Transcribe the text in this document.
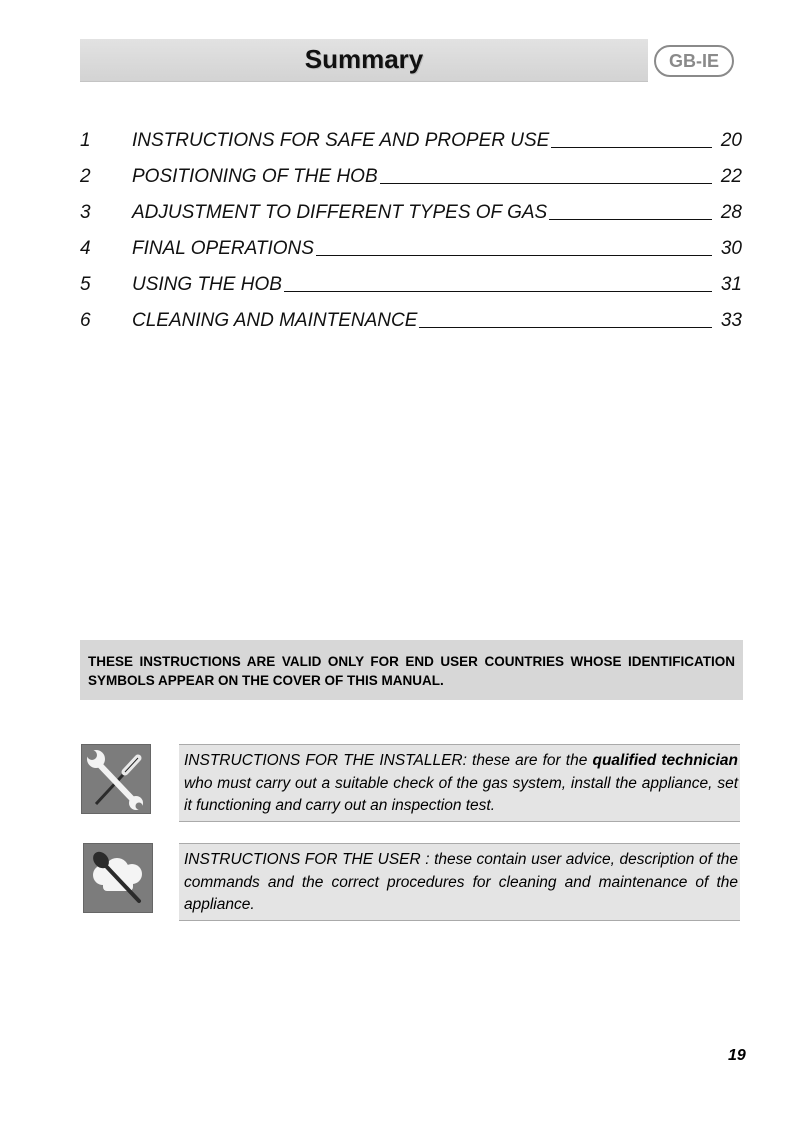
Summary	GB-IE
1	INSTRUCTIONS FOR SAFE AND PROPER USE	20
2	POSITIONING OF THE HOB	22
3	ADJUSTMENT TO DIFFERENT TYPES OF GAS	28
4	FINAL OPERATIONS	30
5	USING THE HOB	31
6	CLEANING AND MAINTENANCE	33
THESE INSTRUCTIONS ARE VALID ONLY FOR END USER COUNTRIES WHOSE IDENTIFICATION SYMBOLS APPEAR ON THE COVER OF THIS MANUAL.
INSTRUCTIONS FOR THE INSTALLER: these are for the qualified technician who must carry out a suitable check of the gas system, install the appliance, set it functioning and carry out an inspection test.
INSTRUCTIONS FOR THE USER : these contain user advice, description of the commands and the correct procedures for cleaning and maintenance of the appliance.
19
